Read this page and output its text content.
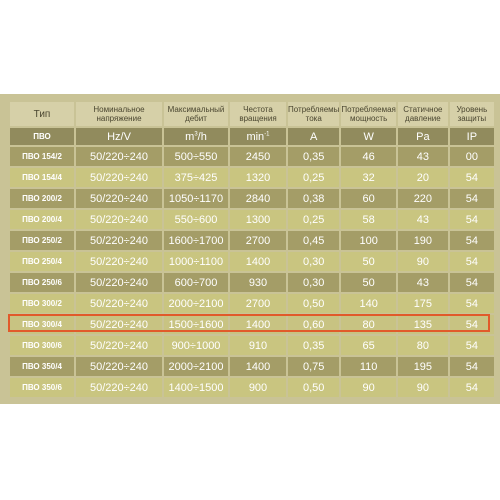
Тип	Номинальное напряжение	Максимальный дебит	Честота вращения	Потребляемы тока	Потребляемая мощность	Статичное давление	Уровень защиты
ПВО	Hz/V	$m^3/h$	$\min^{-1}$	A	W	Pa	IP
ПВО 154/2	50/220÷240	500÷550	2450	0,35	46	43	00
ПВО 154/4	50/220÷240	375÷425	1320	0,25	32	20	54
ПВО 200/2	50/220÷240	1050÷1170	2840	0,38	60	220	54
ПВО 200/4	50/220÷240	550÷600	1300	0,25	58	43	54
ПВО 250/2	50/220÷240	1600÷1700	2700	0,45	100	190	54
ПВО 250/4	50/220÷240	1000÷1100	1400	0,30	50	90	54
ПВО 250/6	50/220÷240	600÷700	930	0,30	50	43	54
ПВО 300/2	50/220÷240	2000÷2100	2700	0,50	140	175	54
ПВО 300/4	50/220÷240	1500÷1600	1400	0,60	80	135	54
ПВО 300/6	50/220÷240	900÷1000	910	0,35	65	80	54
ПВО 350/4	50/220÷240	2000÷2100	1400	0,75	110	195	54
ПВО 350/6	50/220÷240	1400÷1500	900	0,50	90	90	54
